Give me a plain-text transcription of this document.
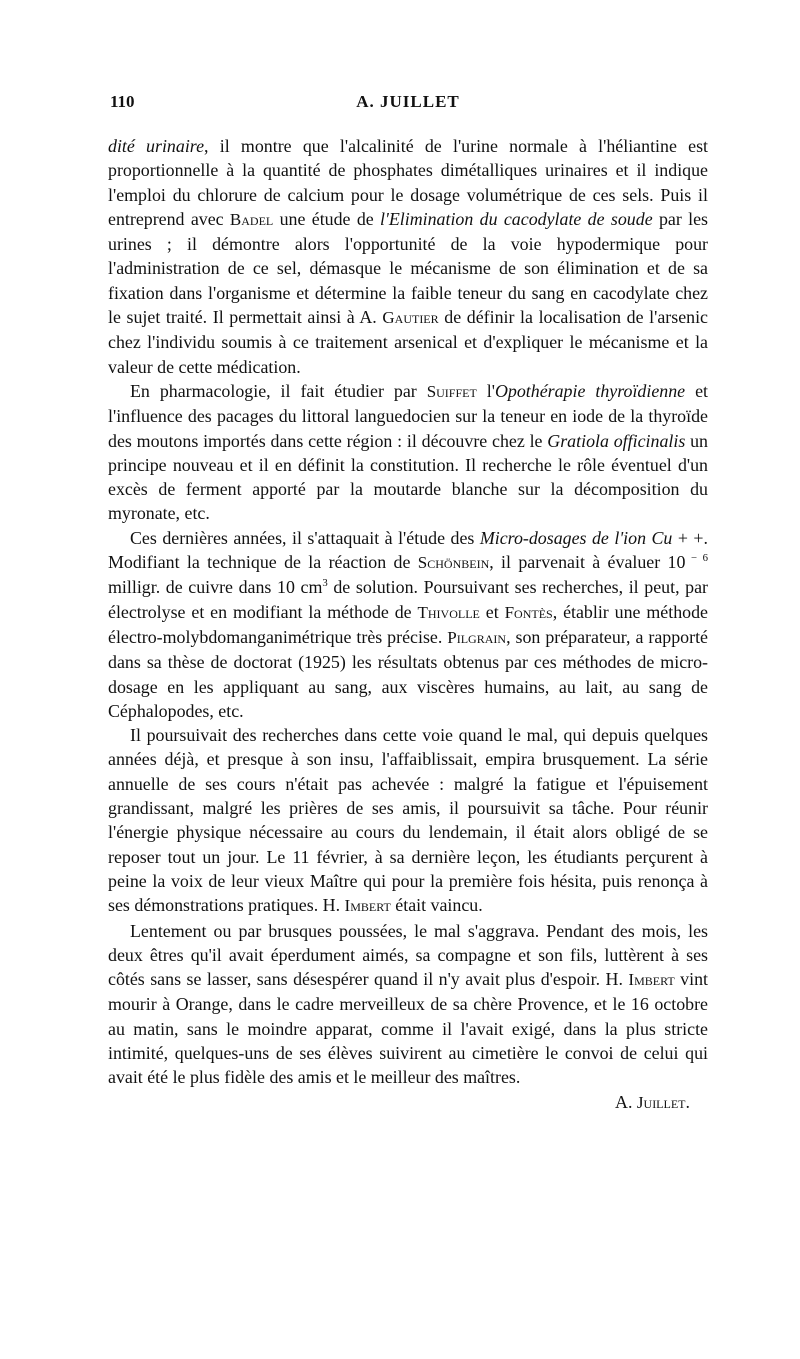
110	A. JUILLET

dité urinaire, il montre que l'alcalinité de l'urine normale à l'héliantine est proportionnelle à la quantité de phosphates dimétalliques urinaires et il indique l'emploi du chlorure de calcium pour le dosage volumétrique de ces sels. Puis il entreprend avec Badel une étude de l'Elimination du cacodylate de soude par les urines ; il démontre alors l'opportunité de la voie hypodermique pour l'administration de ce sel, démasque le mécanisme de son élimination et de sa fixation dans l'organisme et détermine la faible teneur du sang en cacodylate chez le sujet traité. Il permettait ainsi à A. Gautier de définir la localisation de l'arsenic chez l'individu soumis à ce traitement arsenical et d'expliquer le mécanisme et la valeur de cette médication.

En pharmacologie, il fait étudier par Suiffet l'Opothérapie thyroïdienne et l'influence des pacages du littoral languedocien sur la teneur en iode de la thyroïde des moutons importés dans cette région : il découvre chez le Gratiola officinalis un principe nouveau et il en définit la constitution. Il recherche le rôle éventuel d'un excès de ferment apporté par la moutarde blanche sur la décomposition du myronate, etc.

Ces dernières années, il s'attaquait à l'étude des Micro-dosages de l'ion Cu + +. Modifiant la technique de la réaction de Schönbein, il parvenait à évaluer 10 $^{- 6}$ milligr. de cuivre dans 10 $cm^3$ de solution. Poursuivant ses recherches, il peut, par électrolyse et en modifiant la méthode de Thivolle et Fontès, établir une méthode électro-molybdomanganimétrique très précise. Pilgrain, son préparateur, a rapporté dans sa thèse de doctorat (1925) les résultats obtenus par ces méthodes de micro-dosage en les appliquant au sang, aux viscères humains, au lait, au sang de Céphalopodes, etc.

Il poursuivait des recherches dans cette voie quand le mal, qui depuis quelques années déjà, et presque à son insu, l'affaiblissait, empira brusquement. La série annuelle de ses cours n'était pas achevée : malgré la fatigue et l'épuisement grandissant, malgré les prières de ses amis, il poursuivit sa tâche. Pour réunir l'énergie physique nécessaire au cours du lendemain, il était alors obligé de se reposer tout un jour. Le 11 février, à sa dernière leçon, les étudiants perçurent à peine la voix de leur vieux Maître qui pour la première fois hésita, puis renonça à ses démonstrations pratiques. H. Imbert était vaincu.

Lentement ou par brusques poussées, le mal s'aggrava. Pendant des mois, les deux êtres qu'il avait éperdument aimés, sa compagne et son fils, luttèrent à ses côtés sans se lasser, sans désespérer quand il n'y avait plus d'espoir. H. Imbert vint mourir à Orange, dans le cadre merveilleux de sa chère Provence, et le 16 octobre au matin, sans le moindre apparat, comme il l'avait exigé, dans la plus stricte intimité, quelques-uns de ses élèves suivirent au cimetière le convoi de celui qui avait été le plus fidèle des amis et le meilleur des maîtres.

A. Juillet.
